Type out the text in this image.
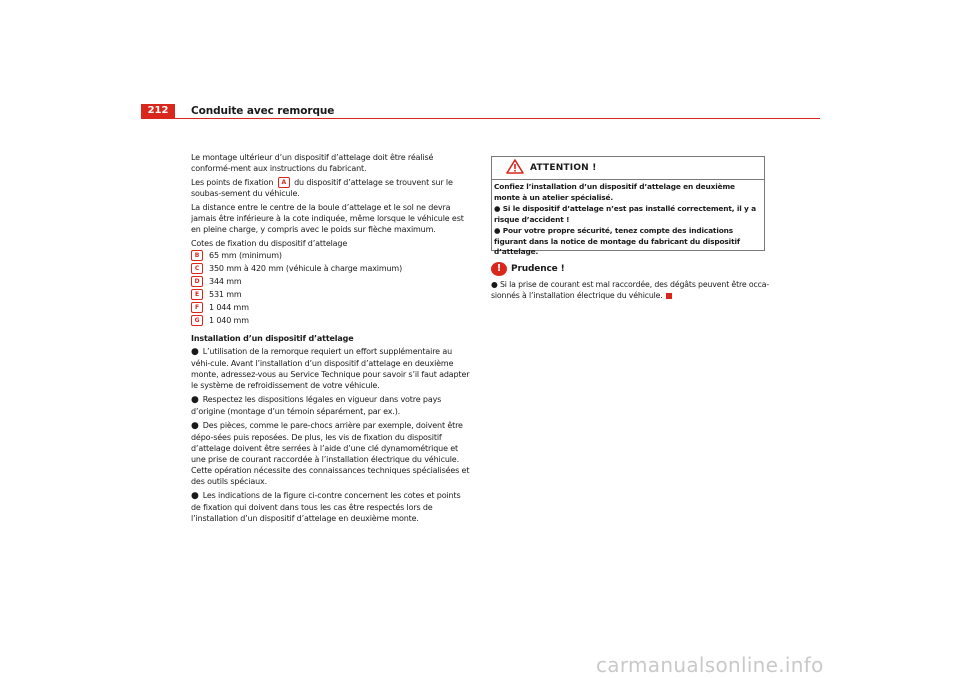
212	Conduite avec remorque

Le montage ultérieur d’un dispositif d’attelage doit être réalisé conformé-ment aux instructions du fabricant.

Les points de fixation A du dispositif d’attelage se trouvent sur le soubas-sement du véhicule.

La distance entre le centre de la boule d’attelage et le sol ne devra jamais être inférieure à la cote indiquée, même lorsque le véhicule est en pleine charge, y compris avec le poids sur flèche maximum.

Cotes de fixation du dispositif d’attelage

B	65 mm (minimum)
C	350 mm à 420 mm (véhicule à charge maximum)
D	344 mm
E	531 mm
F	1 044 mm
G	1 040 mm

Installation d’un dispositif d’attelage

● L’utilisation de la remorque requiert un effort supplémentaire au véhi-cule. Avant l’installation d’un dispositif d’attelage en deuxième monte, adressez-vous au Service Technique pour savoir s’il faut adapter le système de refroidissement de votre véhicule.

● Respectez les dispositions légales en vigueur dans votre pays d’origine (montage d’un témoin séparément, par ex.).

● Des pièces, comme le pare-chocs arrière par exemple, doivent être dépo-sées puis reposées. De plus, les vis de fixation du dispositif d’attelage doivent être serrées à l’aide d’une clé dynamométrique et une prise de courant raccordée à l’installation électrique du véhicule. Cette opération nécessite des connaissances techniques spécialisées et des outils spéciaux.

● Les indications de la figure ci-contre concernent les cotes et points de fixation qui doivent dans tous les cas être respectés lors de l’installation d’un dispositif d’attelage en deuxième monte.

ATTENTION !

Confiez l’installation d’un dispositif d’attelage en deuxième monte à un atelier spécialisé.

● Si le dispositif d’attelage n’est pas installé correctement, il y a risque d’accident !

● Pour votre propre sécurité, tenez compte des indications figurant dans la notice de montage du fabricant du dispositif d’attelage.

!	Prudence !
● Si la prise de courant est mal raccordée, des dégâts peuvent être occa-sionnés à l’installation électrique du véhicule.
carmanualsonline.info
